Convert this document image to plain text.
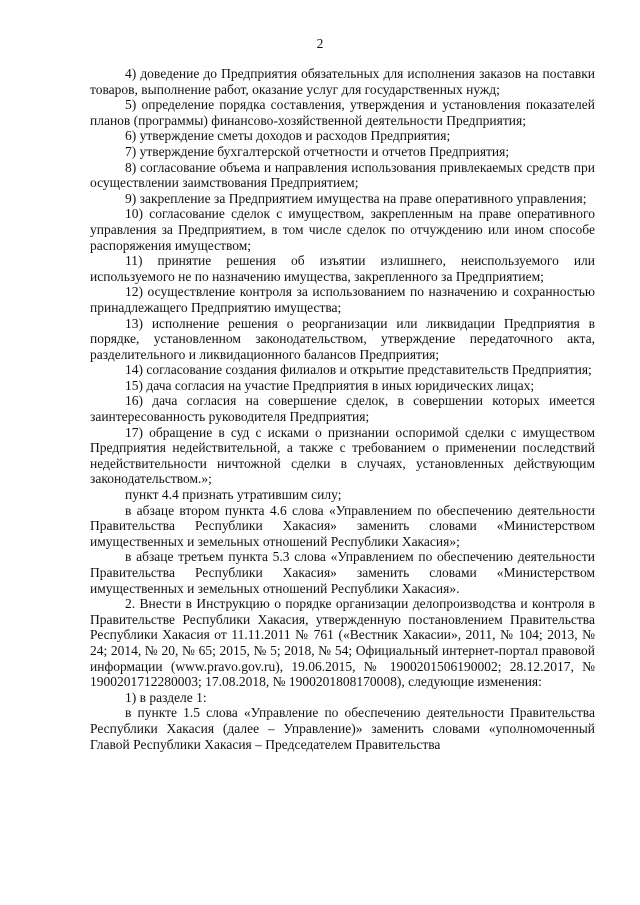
2

4) доведение до Предприятия обязательных для исполнения заказов на поставки товаров, выполнение работ, оказание услуг для государственных нужд;

5) определение порядка составления, утверждения и установления показателей планов (программы) финансово-хозяйственной деятельности Предприятия;

6) утверждение сметы доходов и расходов Предприятия;

7) утверждение бухгалтерской отчетности и отчетов Предприятия;

8) согласование объема и направления использования привлекаемых средств при осуществлении заимствования Предприятием;

9) закрепление за Предприятием имущества на праве оперативного управления;

10) согласование сделок с имуществом, закрепленным на праве оперативного управления за Предприятием, в том числе сделок по отчуждению или ином способе распоряжения имуществом;

11) принятие решения об изъятии излишнего, неиспользуемого или используемого не по назначению имущества, закрепленного за Предприятием;

12) осуществление контроля за использованием по назначению и сохранностью принадлежащего Предприятию имущества;

13) исполнение решения о реорганизации или ликвидации Предприятия в порядке, установленном законодательством, утверждение передаточного акта, разделительного и ликвидационного балансов Предприятия;

14) согласование создания филиалов и открытие представительств Предприятия;

15) дача согласия на участие Предприятия в иных юридических лицах;

16) дача согласия на совершение сделок, в совершении которых имеется заинтересованность руководителя Предприятия;

17) обращение в суд с исками о признании оспоримой сделки с имуществом Предприятия недействительной, а также с требованием о применении последствий недействительности ничтожной сделки в случаях, установленных действующим законодательством.»;

пункт 4.4 признать утратившим силу;

в абзаце втором пункта 4.6 слова «Управлением по обеспечению деятельности Правительства Республики Хакасия» заменить словами «Министерством имущественных и земельных отношений Республики Хакасия»;

в абзаце третьем пункта 5.3 слова «Управлением по обеспечению деятельности Правительства Республики Хакасия» заменить словами «Министерством имущественных и земельных отношений Республики Хакасия».

2. Внести в Инструкцию о порядке организации делопроизводства и контроля в Правительстве Республики Хакасия, утвержденную постановлением Правительства Республики Хакасия от 11.11.2011 № 761 («Вестник Хакасии», 2011, № 104; 2013, № 24; 2014, № 20, № 65; 2015, № 5; 2018, № 54; Официальный интернет-портал правовой информации (www.pravo.gov.ru), 19.06.2015, № 1900201506190002; 28.12.2017, № 1900201712280003; 17.08.2018, № 1900201808170008), следующие изменения:

1) в разделе 1:

в пункте 1.5 слова «Управление по обеспечению деятельности Правительства Республики Хакасия (далее – Управление)» заменить словами «уполномоченный Главой Республики Хакасия – Председателем Правительства
